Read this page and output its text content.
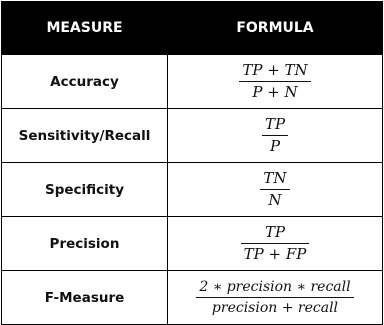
MEASURE	FORMULA
Accuracy	$\frac{TP + TN}{P + N}$

Sensitivity/Recall	$\frac{TP}{P}$

Specificity	$\frac{TN}{N}$

Precision	$\frac{TP}{TP + FP}$

F-Measure	$\frac{\text{2 ∗ precision ∗ recall}}{\text{precision + recall}}$
